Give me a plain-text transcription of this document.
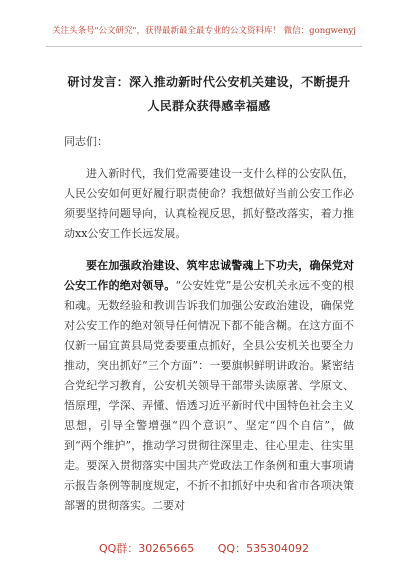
关注头条号"公文研究"，获得最新最全最专业的公文资料库！ 微信：gongwenyj
研讨发言：深入推动新时代公安机关建设，不断提升人民群众获得感幸福感
同志们：
进入新时代，我们党需要建设一支什么样的公安队伍，人民公安如何更好履行职责使命？我想做好当前公安工作必须要坚持问题导向，认真检视反思，抓好整改落实，着力推动xx公安工作长远发展。
要在加强政治建设、筑牢忠诚警魂上下功夫，确保党对公安工作的绝对领导。“公安姓党”是公安机关永远不变的根和魂。无数经验和教训告诉我们加强公安政治建设，确保党对公安工作的绝对领导任何情况下都不能含糊。在这方面不仅新一届宜黄县局党委要重点抓好，全县公安机关也要全力推动，突出抓好“三个方面”：一要旗帜鲜明讲政治。紧密结合党纪学习教育，公安机关领导干部带头读原著、学原文、悟原理，学深、弄懂、悟透习近平新时代中国特色社会主义思想，引导全警增强“四个意识”、坚定“四个自信”，做到“两个维护”，推动学习贯彻往深里走、往心里走、往实里走。要深入贯彻落实中国共产党政法工作条例和重大事项请示报告条例等制度规定，不折不扣抓好中央和省市各项决策部署的贯彻落实。二要对
QQ群：30265665 QQ：535304092
